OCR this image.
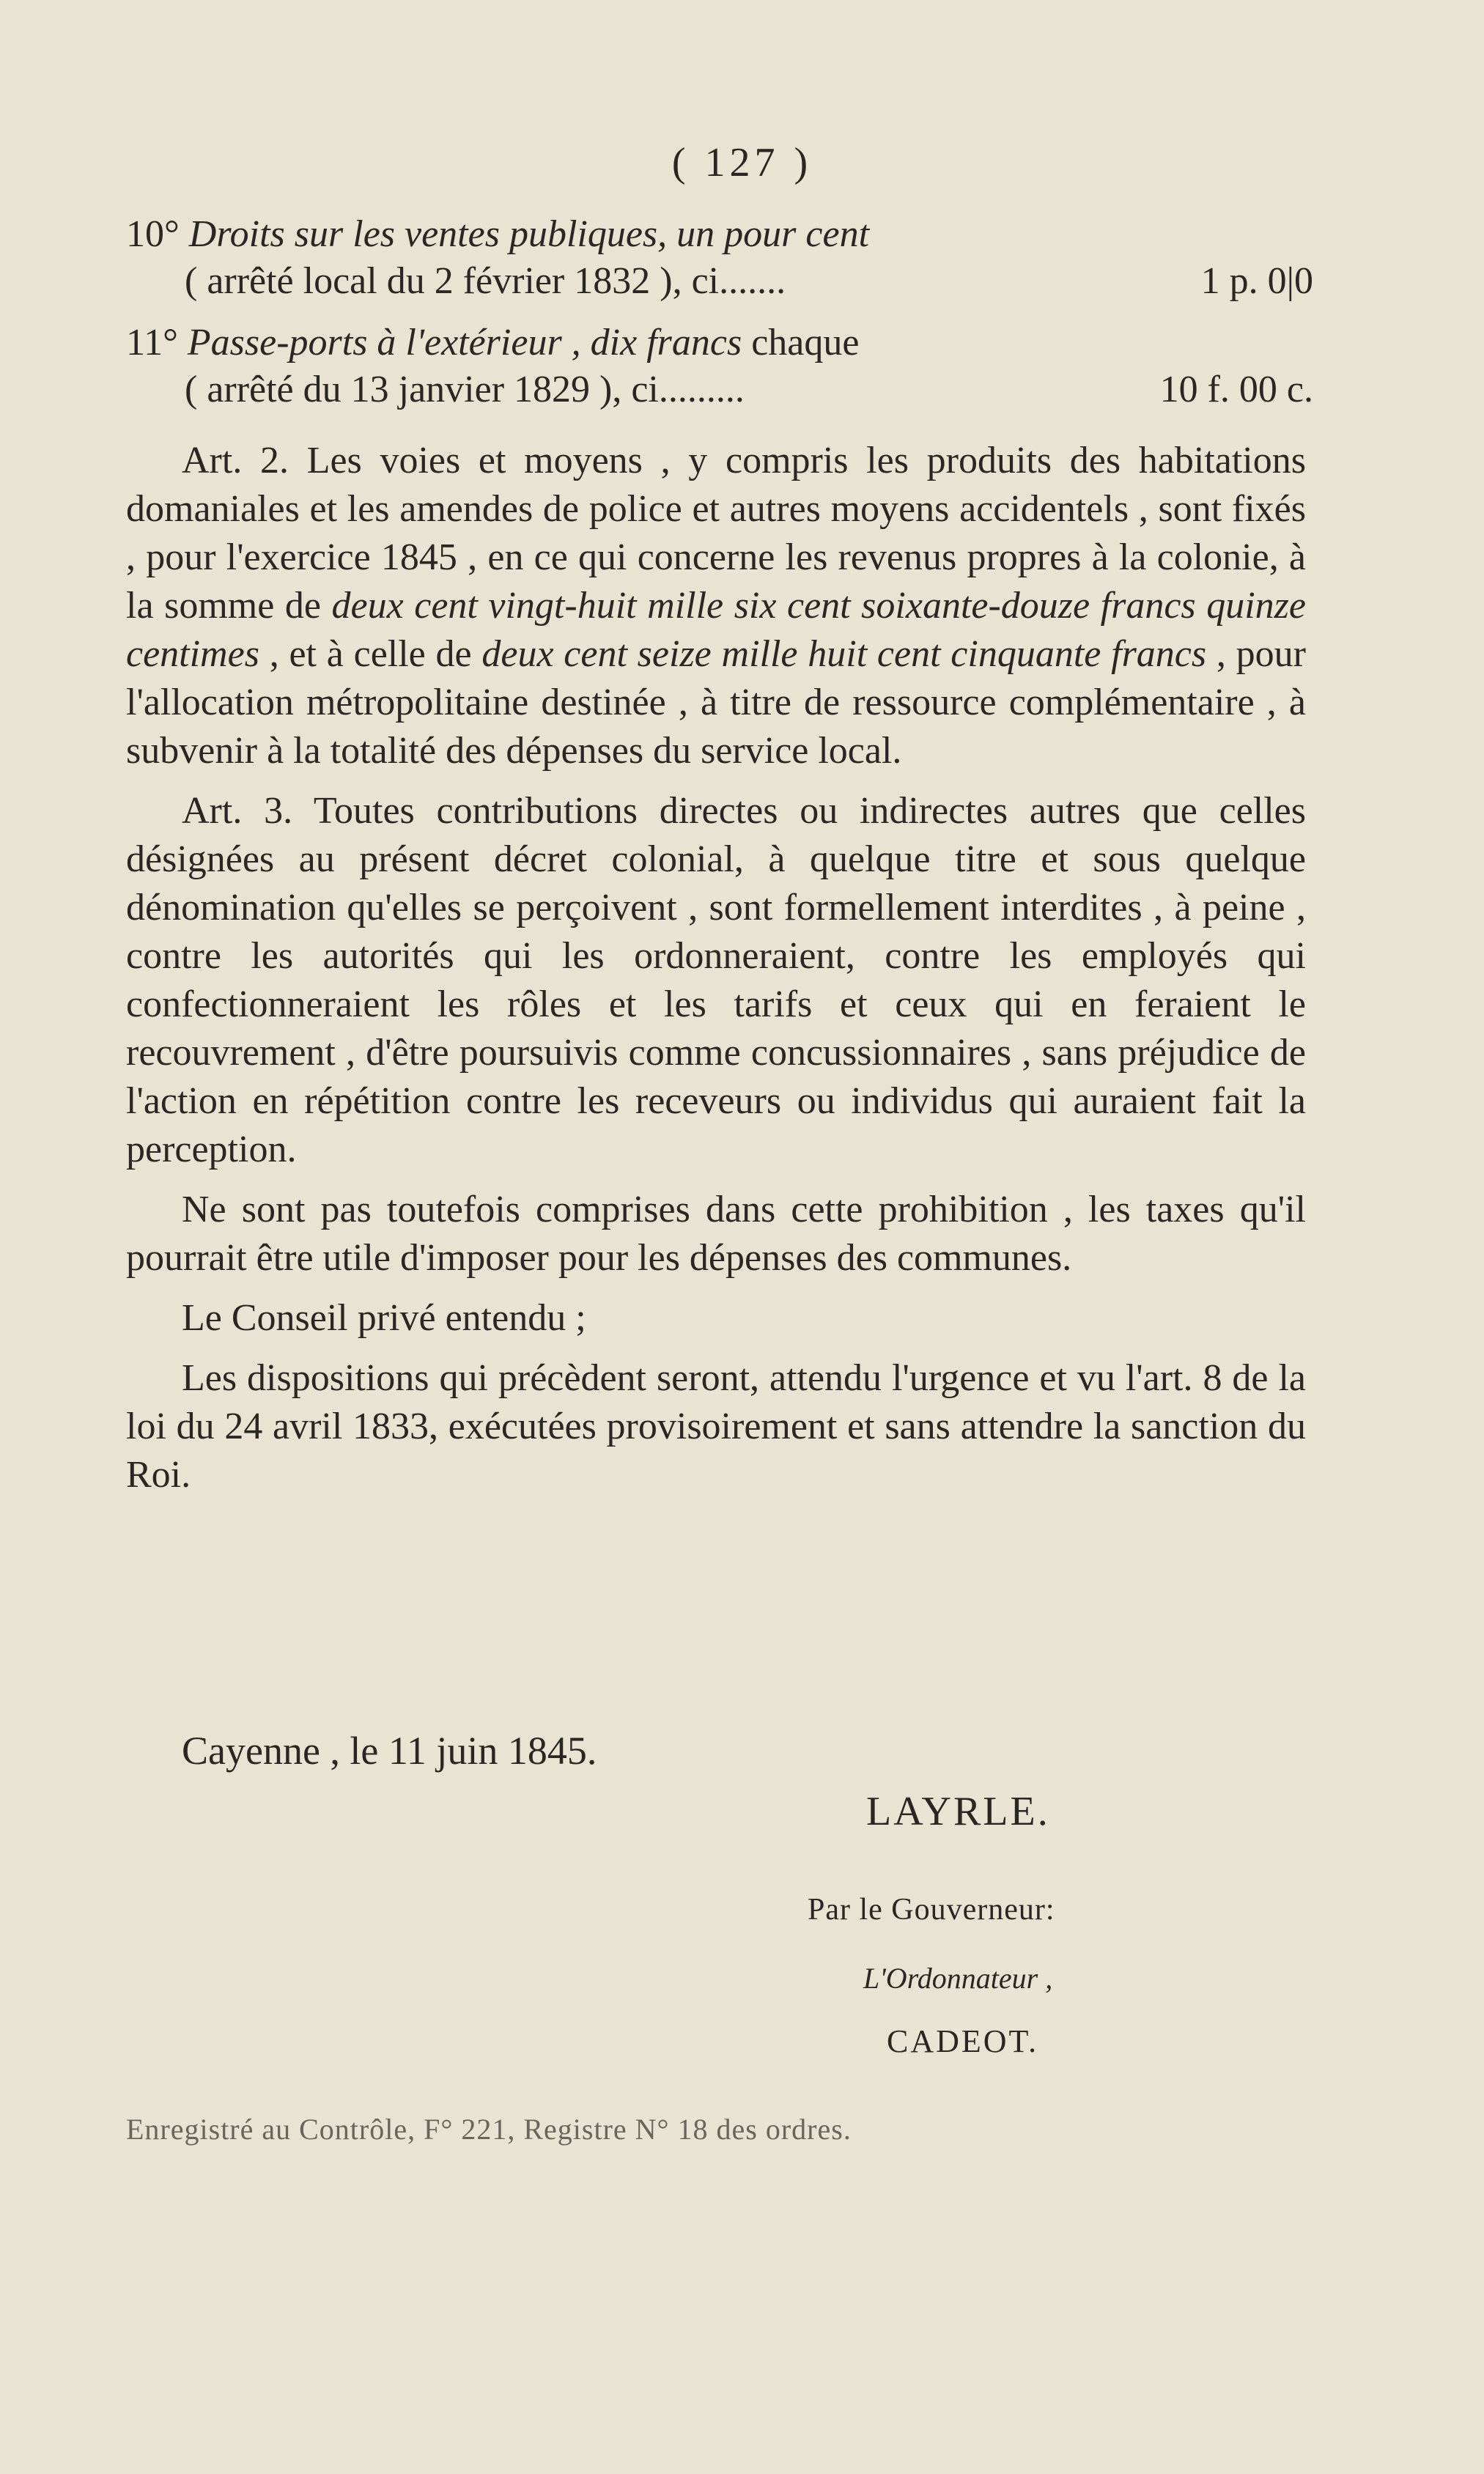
( 127 )
10° Droits sur les ventes publiques, un pour cent
( arrêté local du 2 février 1832 ), ci.......	1 p. 0|0
11° Passe-ports à l'extérieur , dix francs chaque
( arrêté du 13 janvier 1829 ), ci.........	10 f. 00 c.

Art. 2. Les voies et moyens , y compris les produits des habitations domaniales et les amendes de police et autres moyens accidentels , sont fixés , pour l'exercice 1845 , en ce qui concerne les revenus propres à la colonie, à la somme de deux cent vingt-huit mille six cent soixante-douze francs quinze centimes , et à celle de deux cent seize mille huit cent cinquante francs , pour l'allocation métropolitaine destinée , à titre de ressource complémentaire , à subvenir à la totalité des dépenses du service local.

Art. 3. Toutes contributions directes ou indirectes autres que celles désignées au présent décret colonial, à quelque titre et sous quelque dénomination qu'elles se perçoivent , sont formellement interdites , à peine , contre les autorités qui les ordonneraient, contre les employés qui confectionneraient les rôles et les tarifs et ceux qui en feraient le recouvrement , d'être poursuivis comme concussionnaires , sans préjudice de l'action en répétition contre les receveurs ou individus qui auraient fait la perception.

Ne sont pas toutefois comprises dans cette prohibition , les taxes qu'il pourrait être utile d'imposer pour les dépenses des communes.

Le Conseil privé entendu ;

Les dispositions qui précèdent seront, attendu l'urgence et vu l'art. 8 de la loi du 24 avril 1833, exécutées provisoirement et sans attendre la sanction du Roi.

Cayenne , le 11 juin 1845.
LAYRLE.
Par le Gouverneur:
L'Ordonnateur ,
CADEOT.
Enregistré au Contrôle, F° 221, Registre N° 18 des ordres.
